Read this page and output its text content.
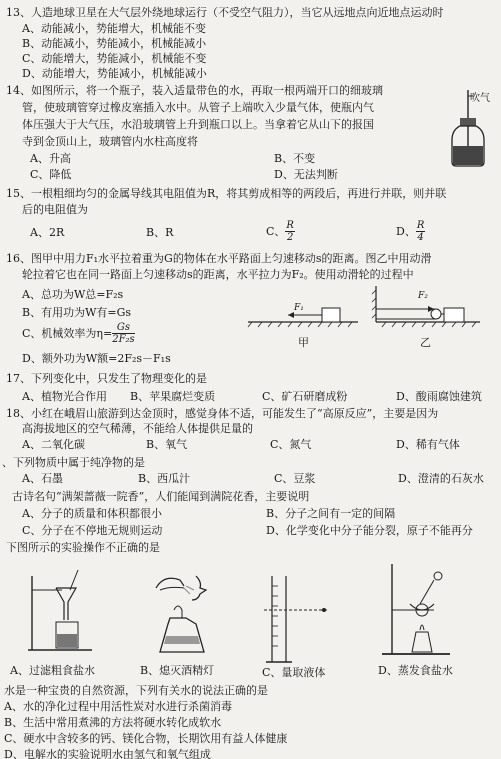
13、人造地球卫星在大气层外绕地球运行（不受空气阻力），当它从远地点向近地点运动时
A、动能减小，势能增大，机械能不变
B、动能减小，势能减小，机械能减小
C、动能增大，势能减小，机械能不变
D、动能增大，势能减小，机械能减小
14、如图所示，将一个瓶子，装入适量带色的水，再取一根两端开口的细玻璃
管，使玻璃管穿过橡皮塞插入水中。从管子上端吹入少量气体，使瓶内气
体压强大于大气压，水沿玻璃管上升到瓶口以上。当拿着它从山下的报国
寺到金顶山上，玻璃管内水柱高度将
A、升高	B、不变
C、降低	D、无法判断
吹气
15、一根粗细均匀的金属导线其电阻值为R，将其剪成相等的两段后，再进行并联，则并联
后的电阻值为
A、2R	B、R	C、 $\frac{R}{2}$	D、 $\frac{R}{4}$
16、图甲中用力F₁水平拉着重为G的物体在水平路面上匀速移动s的距离。图乙中用动滑
轮拉着它也在同一路面上匀速移动s的距离，水平拉力为F₂。使用动滑轮的过程中
A、总功为W总=F₂s
B、有用功为W有=Gs
C、机械效率为$\eta= \frac{Gs}{\text{2F₂s}}$
D、额外功为W额=2F₂s－F₁s
F₁
甲
F₂
乙
17、下列变化中，只发生了物理变化的是
A、植物光合作用 B、苹果腐烂变质	C、矿石研磨成粉	D、酸雨腐蚀建筑
18、小红在峨眉山旅游到达金顶时，感觉身体不适，可能发生了“高原反应”，主要是因为
高海拔地区的空气稀薄，不能给人体提供足量的
A、二氧化碳	B、氧气	C、氮气	D、稀有气体
、下列物质中属于纯净物的是
A、石墨	B、西瓜汁	C、豆浆	D、澄清的石灰水
古诗名句“满架蔷薇一院香”，人们能闻到满院花香，主要说明
A、分子的质量和体积都很小	B、分子之间有一定的间隔
C、分子在不停地无规则运动	D、化学变化中分子能分裂，原子不能再分
下图所示的实验操作不正确的是
A、过滤粗食盐水	B、熄灭酒精灯	C、量取液体	D、蒸发食盐水
水是一种宝贵的自然资源，下列有关水的说法正确的是
A、水的净化过程中用活性炭对水进行杀菌消毒
B、生活中常用煮沸的方法将硬水转化成软水
C、硬水中含较多的钙、镁化合物，长期饮用有益人体健康
D、电解水的实验说明水由氢气和氧气组成
